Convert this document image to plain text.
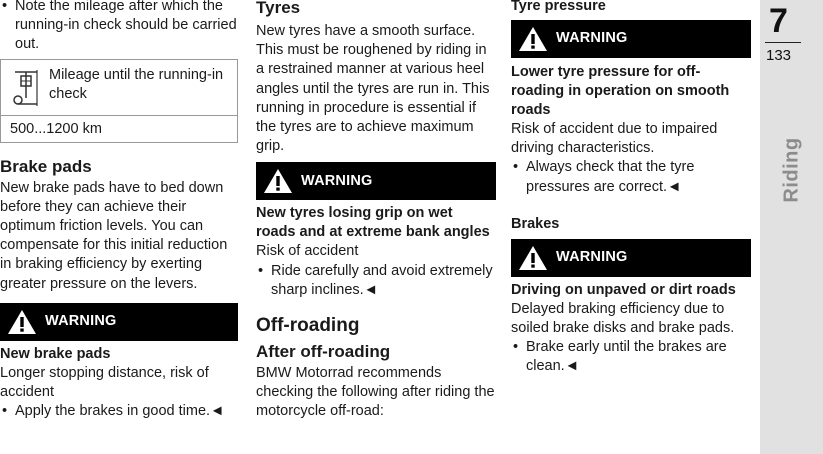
• Note the mileage after which the running-in check should be carried out.

Mileage until the running-in check
500...1200 km
Brake pads

New brake pads have to bed down before they can achieve their optimum friction levels. You can compensate for this initial reduction in braking efficiency by exerting greater pressure on the levers.

WARNING

New brake pads

Longer stopping distance, risk of accident

• Apply the brakes in good time.◄

Tyres

New tyres have a smooth surface. This must be roughened by riding in a restrained manner at various heel angles until the tyres are run in. This running in procedure is essential if the tyres are to achieve maximum grip.

WARNING

New tyres losing grip on wet roads and at extreme bank angles

Risk of accident

• Ride carefully and avoid extremely sharp inclines.◄

Off-roading
After off-roading

BMW Motorrad recommends checking the following after riding the motorcycle off-road:

Tyre pressure
WARNING

Lower tyre pressure for off-roading in operation on smooth roads

Risk of accident due to impaired driving characteristics.

• Always check that the tyre pressures are correct.◄

Brakes
WARNING

Driving on unpaved or dirt roads

Delayed braking efficiency due to soiled brake disks and brake pads.

• Brake early until the brakes are clean.◄

7
133
Riding
